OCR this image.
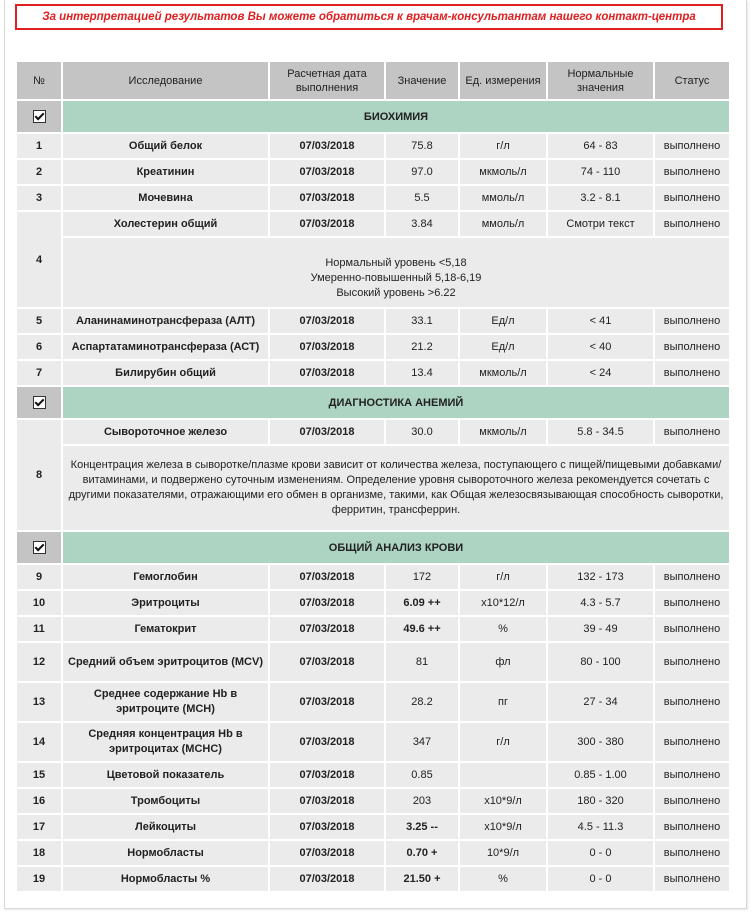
За интерпретацией результатов Вы можете обратиться к врачам-консультантам нашего контакт-центра
№	Исследование	Расчетная дата выполнения	Значение	Ед. измерения	Нормальные значения	Статус
	БИОХИМИЯ					
1	Общий белок	07/03/2018	75.8	г/л	64 - 83	выполнено
2	Креатинин	07/03/2018	97.0	мкмоль/л	74 - 110	выполнено
3	Мочевина	07/03/2018	5.5	ммоль/л	3.2 - 8.1	выполнено
4	Холестерин общий	07/03/2018	3.84	ммоль/л	Смотри текст	выполнено

	Нормальный уровень <5,18
Умеренно-повышенный 5,18-6,19
Высокий уровень >6.22					

5	Аланинаминотрансфераза (АЛТ)	07/03/2018	33.1	Ед/л	< 41	выполнено
6	Аспартатаминотрансфераза (АСТ)	07/03/2018	21.2	Ед/л	< 40	выполнено
7	Билирубин общий	07/03/2018	13.4	мкмоль/л	< 24	выполнено
	ДИАГНОСТИКА АНЕМИЙ					
8	Сывороточное железо	07/03/2018	30.0	мкмоль/л	5.8 - 34.5	выполнено
	Концентрация железа в сыворотке/плазме крови зависит от количества железа, поступающего с пищей/пищевыми добавками/витаминами, и подвержено суточным изменениям. Определение уровня сывороточного железа рекомендуется сочетать с другими показателями, отражающими его обмен в организме, такими, как Общая железосвязывающая способность сыворотки, ферритин, трансферрин.					
	ОБЩИЙ АНАЛИЗ КРОВИ					
9	Гемоглобин	07/03/2018	172	г/л	132 - 173	выполнено
10	Эритроциты	07/03/2018	6.09 ++	x10*12/л	4.3 - 5.7	выполнено
11	Гематокрит	07/03/2018	49.6 ++	%	39 - 49	выполнено
12	Средний объем эритроцитов (MCV)	07/03/2018	81	фл	80 - 100	выполнено
13	Среднее содержание Hb в эритроците (MCH)	07/03/2018	28.2	пг	27 - 34	выполнено
14	Средняя концентрация Hb в эритроцитах (MCHC)	07/03/2018	347	г/л	300 - 380	выполнено
15	Цветовой показатель	07/03/2018	0.85		0.85 - 1.00	выполнено
16	Тромбоциты	07/03/2018	203	x10*9/л	180 - 320	выполнено
17	Лейкоциты	07/03/2018	3.25 --	x10*9/л	4.5 - 11.3	выполнено
18	Нормобласты	07/03/2018	0.70 +	10*9/л	0 - 0	выполнено
19	Нормобласты %	07/03/2018	21.50 +	%	0 - 0	выполнено
